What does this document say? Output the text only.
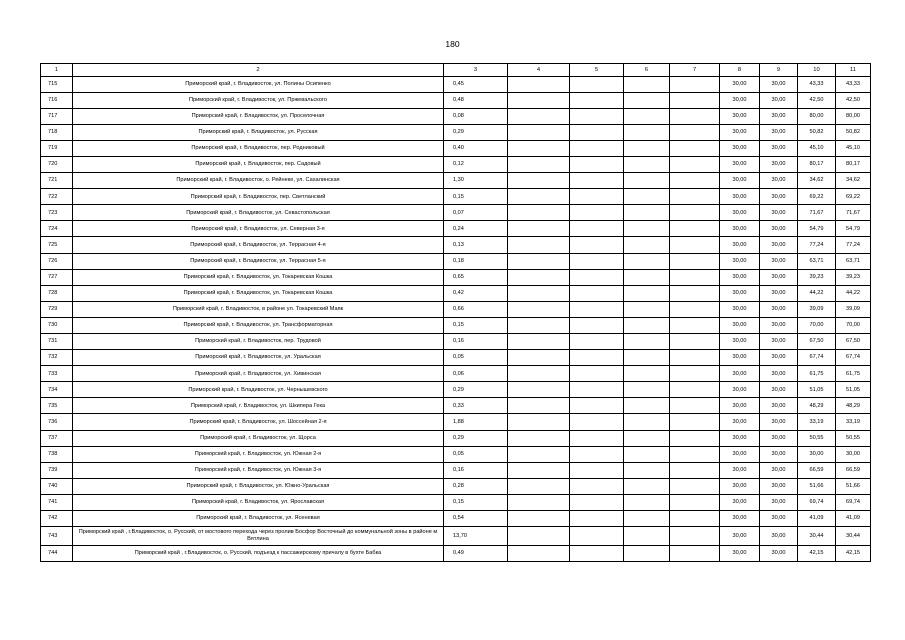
180
1	2	3	4	5	6	7	8	9	10	11
715	Приморский край, г. Владивосток, ул. Полины Осипенко	0,45					30,00	30,00	43,33	43,33
716	Приморский край, г. Владивосток, ул. Пржевальского	0,48					30,00	30,00	42,50	42,50
717	Приморский край, г. Владивосток, ул. Проселочная	0,08					30,00	30,00	80,00	80,00
718	Приморский край, г. Владивосток, ул. Русская	0,29					30,00	30,00	50,82	50,82
719	Приморский край, г. Владивосток, пер. Родниковый	0,40					30,00	30,00	45,10	45,10
720	Приморский край, г. Владивосток, пер. Садовый	0,12					30,00	30,00	80,17	80,17
721	Приморский край, г. Владивосток, о. Рейнеке, ул. Сахалинская	1,30					30,00	30,00	34,62	34,62
722	Приморский край, г. Владивосток, пер. Светланский	0,15					30,00	30,00	69,22	69,22
723	Приморский край, г. Владивосток, ул. Севастопольская	0,07					30,00	30,00	71,67	71,67
724	Приморский край, г. Владивосток, ул. Северная 3-я	0,24					30,00	30,00	54,79	54,79
725	Приморский край, г. Владивосток, ул. Террасная 4-я	0,13					30,00	30,00	77,24	77,24
726	Приморский край, г. Владивосток, ул. Террасная 5-я	0,18					30,00	30,00	63,71	63,71
727	Приморский край, г. Владивосток, ул. Токаревская Кошка	0,65					30,00	30,00	39,23	39,23
728	Приморский край, г. Владивосток, ул. Токаревская Кошка	0,42					30,00	30,00	44,22	44,22
729	Приморский край, г. Владивосток, в районе ул. Токаревский Маяк	0,66					30,00	30,00	39,09	39,09
730	Приморский край, г. Владивосток, ул. Трансформаторная	0,15					30,00	30,00	70,00	70,00
731	Приморский край, г. Владивосток, пер. Трудовой	0,16					30,00	30,00	67,50	67,50
732	Приморский край, г. Владивосток, ул. Уральская	0,05					30,00	30,00	67,74	67,74
733	Приморский край, г. Владивосток, ул. Хивинская	0,06					30,00	30,00	61,75	61,75
734	Приморский край, г. Владивосток, ул. Чернышевского	0,29					30,00	30,00	51,05	51,05
735	Приморский край, г. Владивосток, ул. Шкипера Гека	0,33					30,00	30,00	48,29	48,29
736	Приморский край, г. Владивосток, ул. Шоссейная 2-я	1,88					30,00	30,00	33,19	33,19
737	Приморский край, г. Владивосток, ул. Щорса	0,29					30,00	30,00	50,55	50,55
738	Приморский край, г. Владивосток, ул. Южная 2-я	0,05					30,00	30,00	30,00	30,00
739	Приморский край, г. Владивосток, ул. Южная 3-я	0,16					30,00	30,00	66,59	66,59
740	Приморский край, г. Владивосток, ул. Южно-Уральская	0,28					30,00	30,00	51,66	51,66
741	Приморский край, г. Владивосток, ул. Ярославская	0,15					30,00	30,00	69,74	69,74
742	Приморский край, г. Владивосток, ул. Ясеневая	0,54					30,00	30,00	41,09	41,09
743	Приморский край , г.Владивосток, о. Русский, от мостового перехода через пролив Босфор Восточный до коммунальной зоны в районе м Вятлина	13,70					30,00	30,00	30,44	30,44
744	Приморский край , г.Владивосток, о. Русский, подъезд к пассажирскому причалу в бухте Бабка	0,49					30,00	30,00	42,15	42,15
